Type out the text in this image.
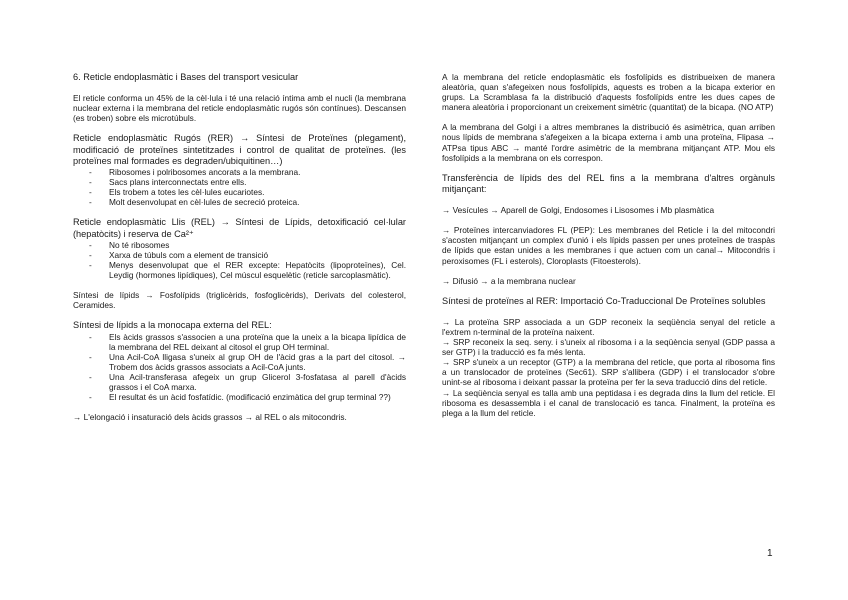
6. Reticle endoplasmàtic i Bases del transport vesicular

El reticle conforma un 45% de la cèl·lula i té una relació íntima amb el nucli (la membrana nuclear externa i la membrana del reticle endoplasmàtic rugós són contínues). Descansen (es troben) sobre els microtúbuls.

Reticle endoplasmàtic Rugós (RER) → Síntesi de Proteïnes (plegament), modificació de proteïnes sintetitzades i control de qualitat de proteïnes. (les proteïnes mal formades es degraden/ubiquitinen…)

- Ribosomes i polribosomes ancorats a la membrana.
- Sacs plans interconnectats entre ells.
- Els trobem a totes les cèl·lules eucariotes.
- Molt desenvolupat en cèl·lules de secreció proteica.

Reticle endoplasmàtic Llis (REL) → Síntesi de Lípids, detoxificació cel·lular (hepatòcits) i reserva de Ca²⁺

- No té ribosomes
- Xarxa de túbuls com a element de transició
- Menys desenvolupat que el RER excepte: Hepatòcits (lipoproteïnes), Cel. Leydig (hormones lipídiques), Cel múscul esquelètic (reticle sarcoplasmàtic).

Síntesi de lípids → Fosfolípids (triglicèrids, fosfoglicèrids), Derivats del colesterol, Ceramides.

Síntesi de lípids a la monocapa externa del REL:

- Els àcids grassos s'associen a una proteïna que la uneix a la bicapa lipídica de la membrana del REL deixant al citosol el grup OH terminal.
- Una Acil-CoA lligasa s'uneix al grup OH de l'àcid gras a la part del citosol. → Trobem dos àcids grassos associats a Acil-CoA junts.
- Una Acil-transferasa afegeix un grup Glicerol 3-fosfatasa al parell d'àcids grassos i el CoA marxa.
- El resultat és un àcid fosfatídic. (modificació enzimàtica del grup terminal ??)

→ L'elongació i insaturació dels àcids grassos → al REL o als mitocondris.

A la membrana del reticle endoplasmàtic els fosfolípids es distribueixen de manera aleatòria, quan s'afegeixen nous fosfolípids, aquests es troben a la bicapa exterior en grups. La Scramblasa fa la distribució d'aquests fosfolípids entre les dues capes de manera aleatòria i proporcionant un creixement simètric (quantitat) de la bicapa. (NO ATP)

A la membrana del Golgi i a altres membranes la distribució és asimètrica, quan arriben nous lípids de membrana s'afegeixen a la bicapa externa i amb una proteïna, Flipasa → ATPsa tipus ABC → manté l'ordre asimètric de la membrana mitjançant ATP. Mou els fosfolípids a la membrana on els correspon.

Transferència de lípids des del REL fins a la membrana d'altres orgànuls mitjançant:

→ Vesícules → Aparell de Golgi, Endosomes i Lisosomes i Mb plasmàtica

→ Proteïnes intercanviadores FL (PEP): Les membranes del Reticle i la del mitocondri s'acosten mitjançant un complex d'unió i els lípids passen per unes proteïnes de traspàs de lípids que estan unides a les membranes i que actuen com un canal→ Mitocondris i peroxisomes (FL i esterols), Cloroplasts (Fitoesterols).

→ Difusió → a la membrana nuclear

Síntesi de proteïnes al RER: Importació Co-Traduccional De Proteïnes solubles

→ La proteïna SRP associada a un GDP reconeix la seqüència senyal del reticle a l'extrem n-terminal de la proteïna naixent.

→ SRP reconeix la seq. seny. i s'uneix al ribosoma i a la seqüència senyal (GDP passa a ser GTP) i la traducció es fa més lenta.

→ SRP s'uneix a un receptor (GTP) a la membrana del reticle, que porta al ribosoma fins a un translocador de proteïnes (Sec61). SRP s'allibera (GDP) i el translocador s'obre unint-se al ribosoma i deixant passar la proteïna per fer la seva traducció dins del reticle.

→ La seqüència senyal es talla amb una peptidasa i es degrada dins la llum del reticle. El ribosoma es desassembla i el canal de translocació es tanca. Finalment, la proteïna es plega a la llum del reticle.

1
